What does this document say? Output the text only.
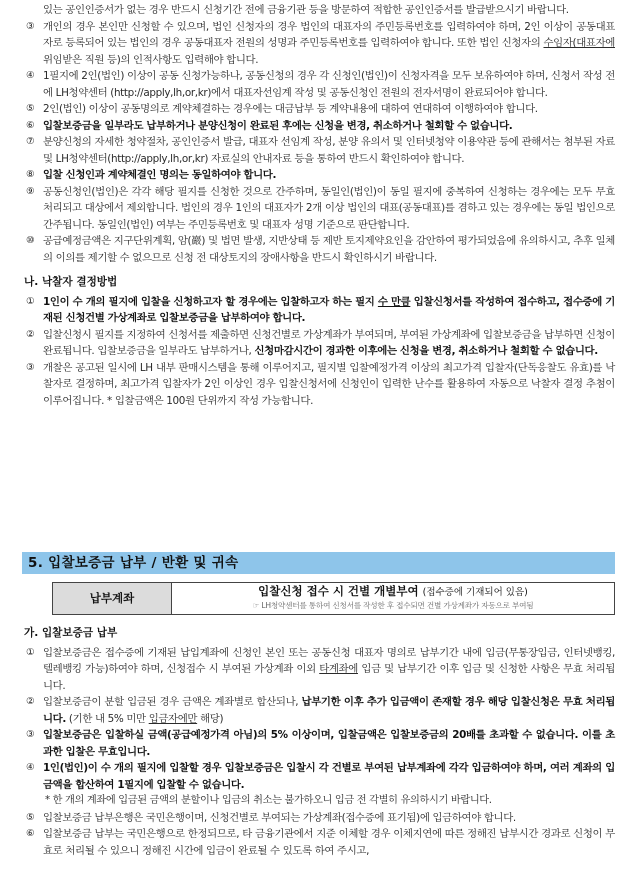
있는 공인인증서가 없는 경우 반드시 신청기간 전에 금융기관 등을 방문하여 적합한 공인인증서를 발급받으시기 바랍니다.
③ 개인의 경우 본인만 신청할 수 있으며, 법인 신청자의 경우 법인의 대표자의 주민등록번호를 입력하여야 하며, 2인 이상이 공동대표자로 등록되어 있는 법인의 경우 공동대표자 전원의 성명과 주민등록번호를 입력하여야 합니다. 또한 법인 신청자의 수임자(대표자에 위임받은 직원 등)의 인적사항도 입력해야 합니다.
④ 1필지에 2인(법인) 이상이 공동 신청가능하나, 공동신청의 경우 각 신청인(법인)이 신청자격을 모두 보유하여야 하며, 신청서 작성 전에 LH청약센터 (http://apply,lh,or,kr)에서 대표자선임계 작성 및 공동신청인 전원의 전자서명이 완료되어야 합니다.
⑤ 2인(법인) 이상이 공동명의로 계약체결하는 경우에는 대금납부 등 계약내용에 대하여 연대하여 이행하여야 합니다.
⑥ 입찰보증금을 일부라도 납부하거나 분양신청이 완료된 후에는 신청을 변경, 취소하거나 철회할 수 없습니다.
⑦ 분양신청의 자세한 청약절차, 공인인증서 발급, 대표자 선임계 작성, 분양 유의서 및 인터넷청약 이용약관 등에 관해서는 첨부된 자료 및 LH청약센터(http://apply,lh,or,kr) 자료실의 안내자료 등을 통하여 반드시 확인하여야 합니다.
⑧ 입찰 신청인과 계약체결인 명의는 동일하여야 합니다.
⑨ 공동신청인(법인)은 각각 해당 필지를 신청한 것으로 간주하며, 동일인(법인)이 동일 필지에 중복하여 신청하는 경우에는 모두 무효 처리되고 대상에서 제외합니다. 법인의 경우 1인의 대표자가 2개 이상 법인의 대표(공동대표)를 겸하고 있는 경우에는 동일 법인으로 간주됩니다. 동일인(법인) 여부는 주민등록번호 및 대표자 성명 기준으로 판단합니다.
⑩ 공급예정금액은 지구단위계획, 암(巖) 및 법면 발생, 지반상태 등 제반 토지제약요인을 감안하여 평가되었음에 유의하시고, 추후 일체의 이의를 제기할 수 없으므로 신청 전 대상토지의 장애사항을 반드시 확인하시기 바랍니다.
나. 낙찰자 결정방법
① 1인이 수 개의 필지에 입찰을 신청하고자 할 경우에는 입찰하고자 하는 필지 수 만큼 입찰신청서를 작성하여 접수하고, 접수증에 기재된 신청건별 가상계좌로 입찰보증금을 납부하여야 합니다.
② 입찰신청시 필지를 지정하여 신청서를 제출하면 신청건별로 가상계좌가 부여되며, 부여된 가상계좌에 입찰보증금을 납부하면 신청이 완료됩니다. 입찰보증금을 일부라도 납부하거나, 신청마감시간이 경과한 이후에는 신청을 변경, 취소하거나 철회할 수 없습니다.
③ 개찰은 공고된 일시에 LH 내부 판매시스템을 통해 이루어지고, 필지별 입찰예정가격 이상의 최고가격 입찰자(단독응찰도 유효)를 낙찰자로 결정하며, 최고가격 입찰자가 2인 이상인 경우 입찰신청서에 신청인이 입력한 난수를 활용하여 자동으로 낙찰자 결정 추첨이 이루어집니다. * 입찰금액은 100원 단위까지 작성 가능합니다.
5. 입찰보증금 납부 / 반환 및 귀속
납부계좌	입찰신청 접수 시 건별 개별부여 (접수증에 기재되어 있음)
☞ LH청약센터를 통하여 신청서를 작성한 후 접수되면 건별 가상계좌가 자동으로 부여됨
가. 입찰보증금 납부
① 입찰보증금은 접수증에 기재된 납입계좌에 신청인 본인 또는 공동신청 대표자 명의로 납부기간 내에 입금(무통장입금, 인터넷뱅킹, 텔레뱅킹 가능)하여야 하며, 신청접수 시 부여된 가상계좌 이외 타계좌에 입금 및 납부기간 이후 입금 및 신청한 사항은 무효 처리됩니다.
② 입찰보증금이 분할 입금된 경우 금액은 계좌별로 합산되나, 납부기한 이후 추가 입금액이 존재할 경우 해당 입찰신청은 무효 처리됩니다. (기한 내 5% 미만 입금자에만 해당)
③ 입찰보증금은 입찰하실 금액(공급예정가격 아님)의 5% 이상이며, 입찰금액은 입찰보증금의 20배를 초과할 수 없습니다. 이를 초과한 입찰은 무효입니다.
④ 1인(법인)이 수 개의 필지에 입찰할 경우 입찰보증금은 입찰시 각 건별로 부여된 납부계좌에 각각 입금하여야 하며, 여러 계좌의 입금액을 합산하여 1필지에 입찰할 수 없습니다.
* 한 개의 계좌에 입금된 금액의 분할이나 입금의 취소는 불가하오니 입금 전 각별히 유의하시기 바랍니다.
⑤ 입찰보증금 납부은행은 국민은행이며, 신청건별로 부여되는 가상계좌(접수증에 표기됨)에 입금하여야 합니다.
⑥ 입찰보증금 납부는 국민은행으로 한정되므로, 타 금융기관에서 지준 이체할 경우 이체지연에 따른 정해진 납부시간 경과로 신청이 무효로 처리될 수 있으니 정해진 시간에 입금이 완료될 수 있도록 하여 주시고,
